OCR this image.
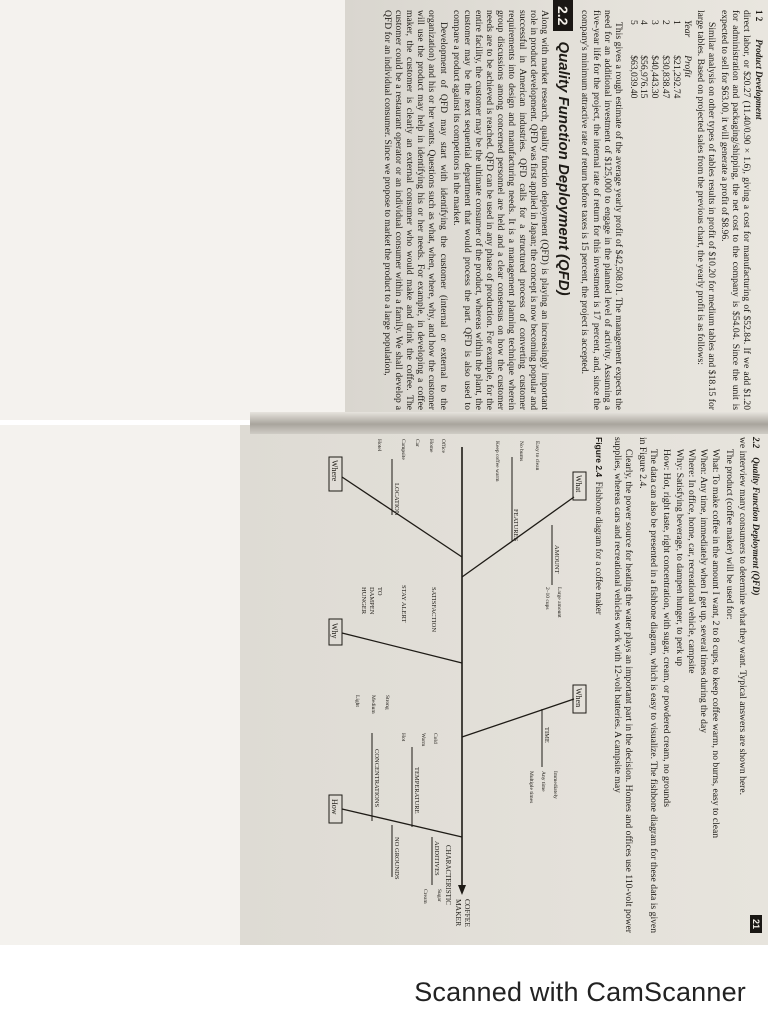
1 2
Product Development

direct labor, or $20.27 (11.40/0.90 × 1.6), giving a cost for manufacturing of $52.84. If we add $1.20 for administration and packaging/shipping, the net cost to the company is $54.04. Since the unit is expected to sell for $63.00, it will generate a profit of $8.96.

Similar analysis on other types of tables results in profit of $10.20 for medium tables and $18.15 for large tables. Based on projected sales from the previous chart, the yearly profit is as follows:

Year	Profit
1	$21,292.74
2	$30,838.47
3	$40,443.30
4	$56,976.15
5	$63,039.40

This gives a rough estimate of the average yearly profit of $42,508.01. The management expects the need for an additional investment of $125,000 to engage in the planned level of activity. Assuming a five-year life for the project, the internal rate of return for this investment is 17 percent, and, since the company's minimum attractive rate of return before taxes is 15 percent, the project is accepted.

2.2
Quality Function Deployment (QFD)

Along with market research, quality function deployment (QFD) is playing an increasingly important role in product development. QFD was first applied in Japan; the concept is now becoming popular and successful in American industries. QFD calls for a structured process of converting customer requirements into design and manufacturing needs. It is a management planning technique wherein group discussions among concerned personnel are held and a clear consensus on how the customer needs are to be achieved is reached. QFD can be used in any phase of production. For example, for the entire facility, the customer may be the ultimate consumer of the product, whereas within the plant, the customer may be the next sequential department that would process the part. QFD is also used to compare a product against its competitors in the market.

Development of QFD may start with identifying the customer (internal or external to the organization) and his or her wants. Questions such as what, when, where, why, and how the customer will use the product may help in identifying his or her needs. For example, in developing a coffee maker, the customer is clearly an external consumer who would make and drink the coffee. The customer could be a restaurant operator or an individual consumer within a family. We shall develop a QFD for an individual consumer. Since we propose to market the product to a large population,

2.2    Quality Function Deployment (QFD)
21

we interview many consumers to determine what they want. Typical answers are shown here.

The product (coffee maker) will be used for:

What: To make coffee in the amount I want, 2 to 8 cups, to keep coffee warm, no burns, easy to clean

When: Any time, immediately when I get up, several times during the day

Where: In office, home, car, recreational vehicle, campsite

Why: Satisfying beverage, to dampen hunger, to perk up

How: Hot, right taste, right concentration, with sugar, cream, or powdered cream, no grounds

The data can also be presented in a fishbone diagram, which is easy to visualize. The fishbone diagram for these data is given in Figure 2.4.

Clearly, the power source for heating the water plays an important part in the decision. Homes and offices use 110-volt power supplies, whereas cars and recreational vehicles work with 12-volt batteries. A campsite may

Figure 2.4  Fishbone diagram for a coffee maker
COFFEE
MAKER
CHARACTERISTIC
What
FEATURES
Easy to clean
No burns
Keep coffee warm
AMOUNT
Large amount
2–10 cups
When
TIME
Immediately
Any time
Multiple times
Why	SATISFACTION
STAY ALERT
TO
DAMPEN
HUNGER
Where
LOCATION
Office
Home
Car
Campsite
Hotel
How	TEMPERATURE
Cold
Warm
Hot
CONCENTRATIONS
Strong
Medium
Light
ADDITIVES
Sugar
Cream
NO GROUNDS
Scanned with CamScanner
